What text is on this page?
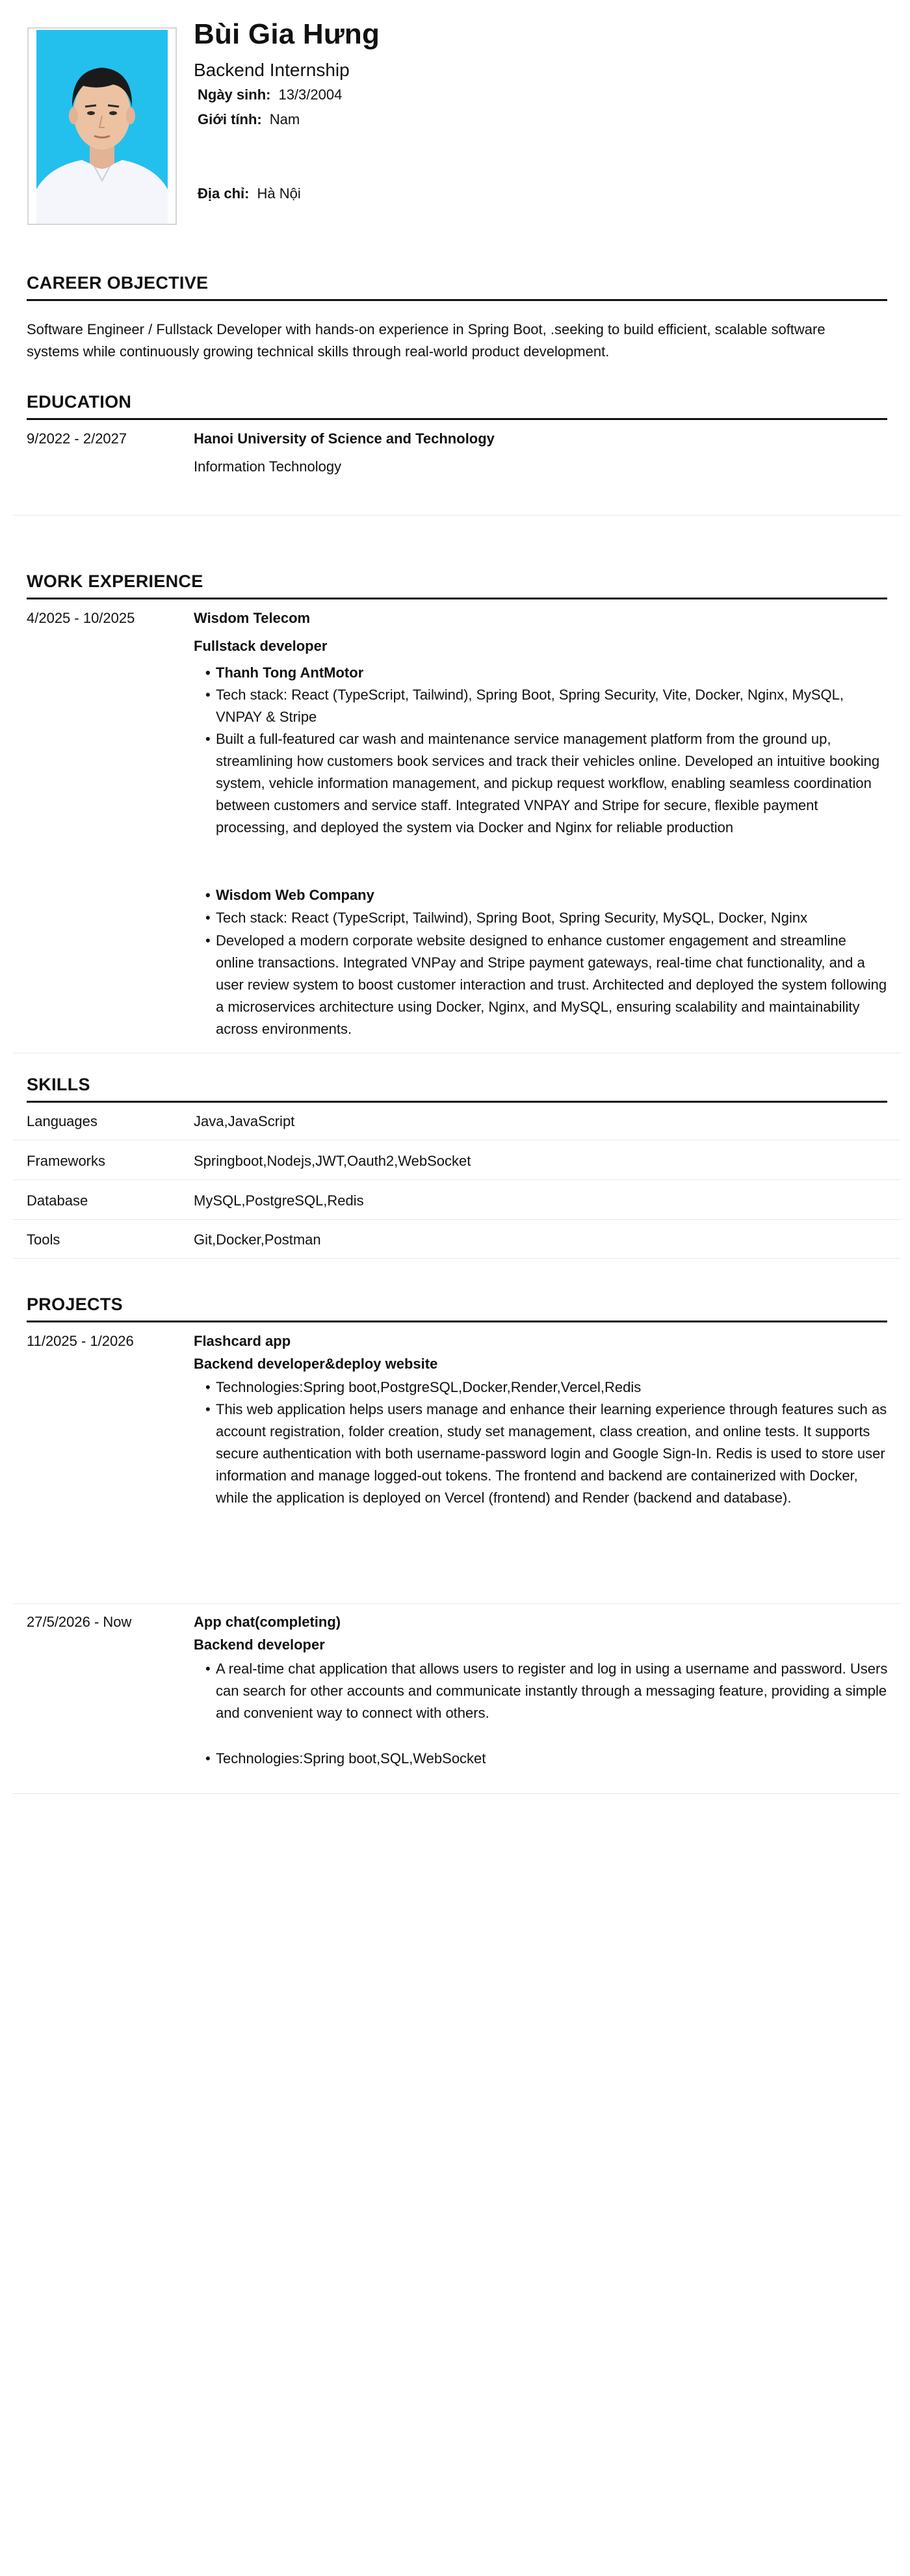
Bùi Gia Hưng
Backend Internship
Ngày sinh: 13/3/2004
Giới tính: Nam
Địa chỉ: Hà Nội
CAREER OBJECTIVE
Software Engineer / Fullstack Developer with hands-on experience in Spring Boot, .seeking to build efficient, scalable software systems while continuously growing technical skills through real-world product development.
EDUCATION
9/2022 - 2/2027	Hanoi University of Science and Technology
Information Technology
WORK EXPERIENCE
4/2025 - 10/2025	Wisdom Telecom
Fullstack developer
• Thanh Tong AntMotor
• Tech stack: React (TypeScript, Tailwind), Spring Boot, Spring Security, Vite, Docker, Nginx, MySQL, VNPAY & Stripe
• Built a full-featured car wash and maintenance service management platform from the ground up, streamlining how customers book services and track their vehicles online. Developed an intuitive booking system, vehicle information management, and pickup request workflow, enabling seamless coordination between customers and service staff. Integrated VNPAY and Stripe for secure, flexible payment processing, and deployed the system via Docker and Nginx for reliable production
• Wisdom Web Company
• Tech stack: React (TypeScript, Tailwind), Spring Boot, Spring Security, MySQL, Docker, Nginx
• Developed a modern corporate website designed to enhance customer engagement and streamline online transactions. Integrated VNPay and Stripe payment gateways, real-time chat functionality, and a user review system to boost customer interaction and trust. Architected and deployed the system following a microservices architecture using Docker, Nginx, and MySQL, ensuring scalability and maintainability across environments.
SKILLS
Languages	Java,JavaScript
Frameworks	Springboot,Nodejs,JWT,Oauth2,WebSocket
Database	MySQL,PostgreSQL,Redis
Tools	Git,Docker,Postman
PROJECTS
11/2025 - 1/2026	Flashcard app
Backend developer&deploy website
• Technologies:Spring boot,PostgreSQL,Docker,Render,Vercel,Redis
• This web application helps users manage and enhance their learning experience through features such as account registration, folder creation, study set management, class creation, and online tests. It supports secure authentication with both username-password login and Google Sign-In. Redis is used to store user information and manage logged-out tokens. The frontend and backend are containerized with Docker, while the application is deployed on Vercel (frontend) and Render (backend and database).
27/5/2026 - Now	App chat(completing)
Backend developer
• A real-time chat application that allows users to register and log in using a username and password. Users can search for other accounts and communicate instantly through a messaging feature, providing a simple and convenient way to connect with others.
• Technologies:Spring boot,SQL,WebSocket
